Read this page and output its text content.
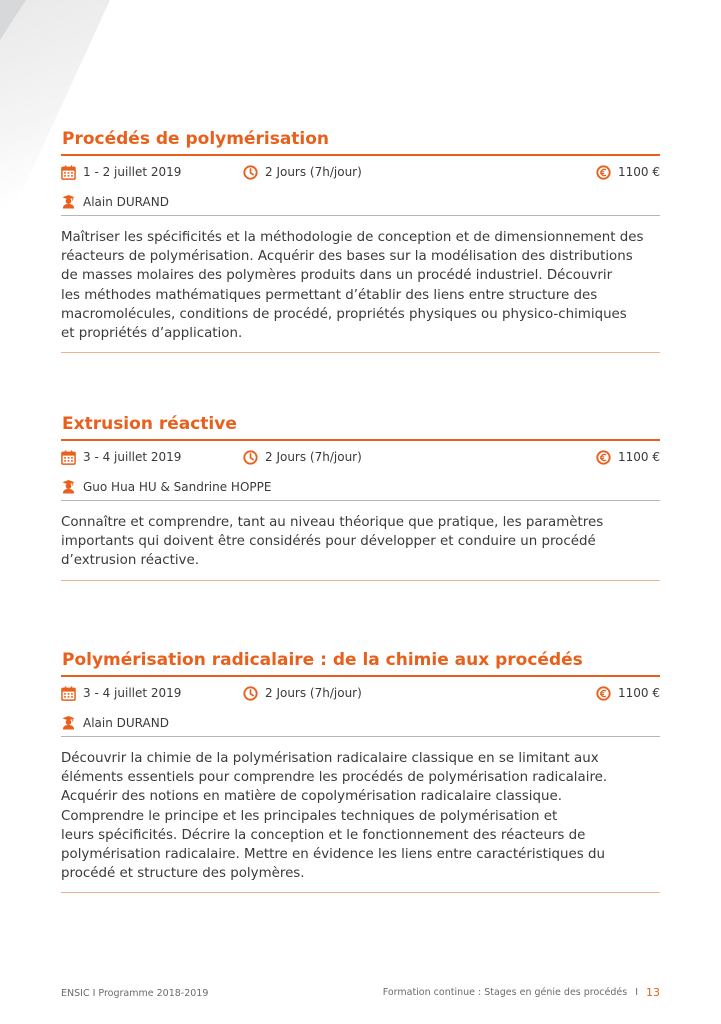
Procédés de polymérisation
1 - 2 juillet 2019	2 Jours (7h/jour)	1100 €
Alain DURAND
Maîtriser les spécificités et la méthodologie de conception et de dimensionnement des
réacteurs de polymérisation. Acquérir des bases sur la modélisation des distributions
de masses molaires des polymères produits dans un procédé industriel. Découvrir
les méthodes mathématiques permettant d’établir des liens entre structure des
macromolécules, conditions de procédé, propriétés physiques ou physico-chimiques
et propriétés d’application.
Extrusion réactive
3 - 4 juillet 2019	2 Jours (7h/jour)	1100 €
Guo Hua HU & Sandrine HOPPE
Connaître et comprendre, tant au niveau théorique que pratique, les paramètres
importants qui doivent être considérés pour développer et conduire un procédé
d’extrusion réactive.
Polymérisation radicalaire : de la chimie aux procédés
3 - 4 juillet 2019	2 Jours (7h/jour)	1100 €
Alain DURAND
Découvrir la chimie de la polymérisation radicalaire classique en se limitant aux
éléments essentiels pour comprendre les procédés de polymérisation radicalaire.
Acquérir des notions en matière de copolymérisation radicalaire classique.
Comprendre le principe et les principales techniques de polymérisation et
leurs spécificités. Décrire la conception et le fonctionnement des réacteurs de
polymérisation radicalaire. Mettre en évidence les liens entre caractéristiques du
procédé et structure des polymères.
ENSIC I Programme 2018-2019	Formation continue : Stages en génie des procédés I 13
